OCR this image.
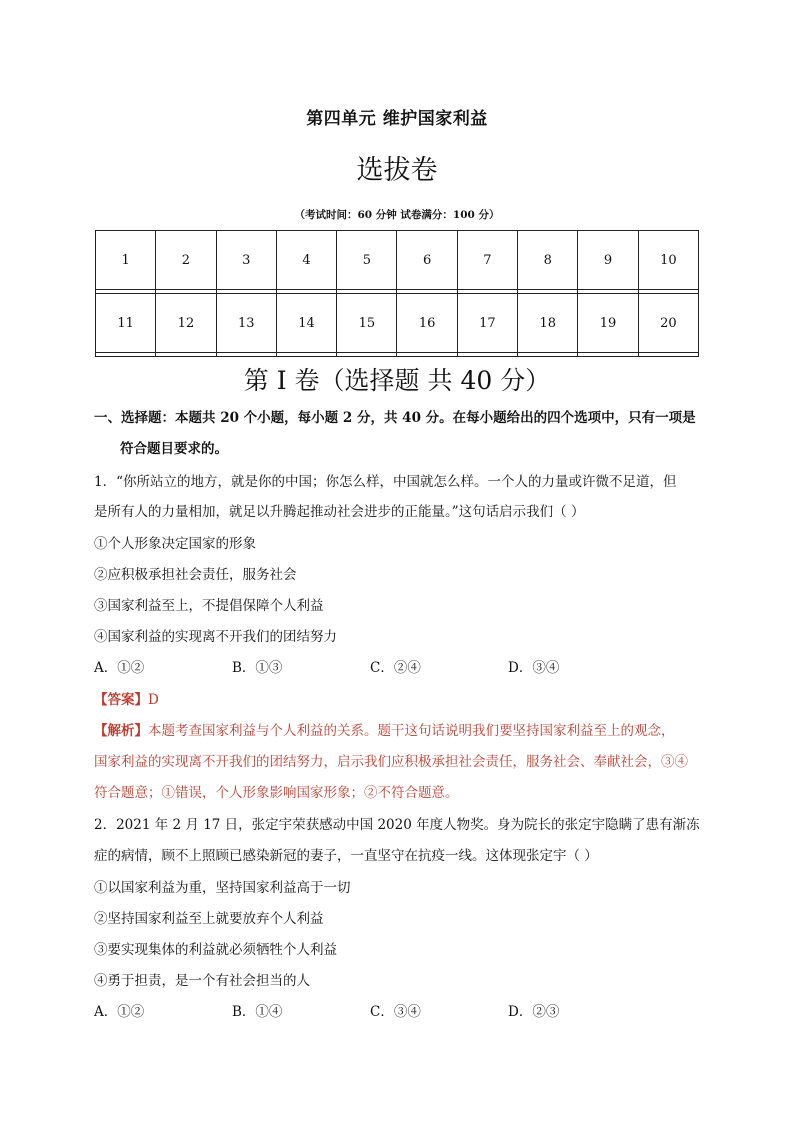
第四单元 维护国家利益
选拔卷
（考试时间：60 分钟 试卷满分：100 分）
1	2	3	4	5	6	7	8	9	10

11	12	13	14	15	16	17	18	19	20

第 I 卷（选择题 共 40 分）
一、选择题：本题共 20 个小题，每小题 2 分，共 40 分。在每小题给出的四个选项中，只有一项是
符合题目要求的。
1．“你所站立的地方，就是你的中国；你怎么样，中国就怎么样。一个人的力量或许微不足道，但
是所有人的力量相加，就足以升腾起推动社会进步的正能量。”这句话启示我们（ ）
①个人形象决定国家的形象
②应积极承担社会责任，服务社会
③国家利益至上，不提倡保障个人利益
④国家利益的实现离不开我们的团结努力
A．①②	B．①③	C．②④	D．③④
【答案】D
【解析】本题考查国家利益与个人利益的关系。题干这句话说明我们要坚持国家利益至上的观念，
国家利益的实现离不开我们的团结努力，启示我们应积极承担社会责任，服务社会、奉献社会，③④
符合题意；①错误，个人形象影响国家形象；②不符合题意。
2．2021 年 2 月 17 日，张定宇荣获感动中国 2020 年度人物奖。身为院长的张定宇隐瞒了患有渐冻
症的病情，顾不上照顾已感染新冠的妻子，一直坚守在抗疫一线。这体现张定宇（ ）
①以国家利益为重，坚持国家利益高于一切
②坚持国家利益至上就要放弃个人利益
③要实现集体的利益就必须牺牲个人利益
④勇于担责，是一个有社会担当的人
A．①②	B．①④	C．③④	D．②③
